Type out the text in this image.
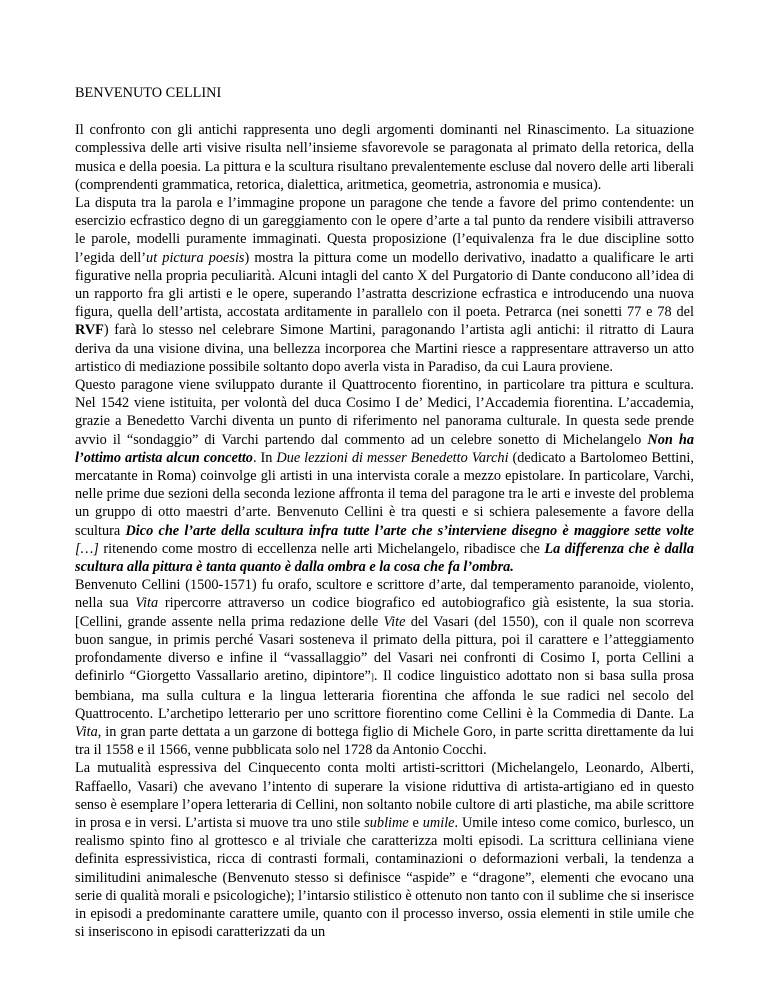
BENVENUTO CELLINI

Il confronto con gli antichi rappresenta uno degli argomenti dominanti nel Rinascimento. La situazione complessiva delle arti visive risulta nell’insieme sfavorevole se paragonata al primato della retorica, della musica e della poesia. La pittura e la scultura risultano prevalentemente escluse dal novero delle arti liberali (comprendenti grammatica, retorica, dialettica, aritmetica, geometria, astronomia e musica).

La disputa tra la parola e l’immagine propone un paragone che tende a favore del primo contendente: un esercizio ecfrastico degno di un gareggiamento con le opere d’arte a tal punto da rendere visibili attraverso le parole, modelli puramente immaginati. Questa proposizione (l’equivalenza fra le due discipline sotto l’egida dell’ut pictura poesis) mostra la pittura come un modello derivativo, inadatto a qualificare le arti figurative nella propria peculiarità. Alcuni intagli del canto X del Purgatorio di Dante conducono all’idea di un rapporto fra gli artisti e le opere, superando l’astratta descrizione ecfrastica e introducendo una nuova figura, quella dell’artista, accostata arditamente in parallelo con il poeta. Petrarca (nei sonetti 77 e 78 del RVF) farà lo stesso nel celebrare Simone Martini, paragonando l’artista agli antichi: il ritratto di Laura deriva da una visione divina, una bellezza incorporea che Martini riesce a rappresentare attraverso un atto artistico di mediazione possibile soltanto dopo averla vista in Paradiso, da cui Laura proviene.

Questo paragone viene sviluppato durante il Quattrocento fiorentino, in particolare tra pittura e scultura. Nel 1542 viene istituita, per volontà del duca Cosimo I de’ Medici, l’Accademia fiorentina. L’accademia, grazie a Benedetto Varchi diventa un punto di riferimento nel panorama culturale. In questa sede prende avvio il “sondaggio” di Varchi partendo dal commento ad un celebre sonetto di Michelangelo Non ha l’ottimo artista alcun concetto. In Due lezzioni di messer Benedetto Varchi (dedicato a Bartolomeo Bettini, mercatante in Roma) coinvolge gli artisti in una intervista corale a mezzo epistolare. In particolare, Varchi, nelle prime due sezioni della seconda lezione affronta il tema del paragone tra le arti e investe del problema un gruppo di otto maestri d’arte. Benvenuto Cellini è tra questi e si schiera palesemente a favore della scultura Dico che l’arte della scultura infra tutte l’arte che s’interviene disegno è maggiore sette volte […] ritenendo come mostro di eccellenza nelle arti Michelangelo, ribadisce che La differenza che è dalla scultura alla pittura è tanta quanto è dalla ombra e la cosa che fa l’ombra.

Benvenuto Cellini (1500-1571) fu orafo, scultore e scrittore d’arte, dal temperamento paranoide, violento, nella sua Vita ripercorre attraverso un codice biografico ed autobiografico già esistente, la sua storia. [Cellini, grande assente nella prima redazione delle Vite del Vasari (del 1550), con il quale non scorreva buon sangue, in primis perché Vasari sosteneva il primato della pittura, poi il carattere e l’atteggiamento profondamente diverso e infine il “vassallaggio” del Vasari nei confronti di Cosimo I, porta Cellini a definirlo “Giorgetto Vassallario aretino, dipintore”]. Il codice linguistico adottato non si basa sulla prosa bembiana, ma sulla cultura e la lingua letteraria fiorentina che affonda le sue radici nel secolo del Quattrocento. L’archetipo letterario per uno scrittore fiorentino come Cellini è la Commedia di Dante. La Vita, in gran parte dettata a un garzone di bottega figlio di Michele Goro, in parte scritta direttamente da lui tra il 1558 e il 1566, venne pubblicata solo nel 1728 da Antonio Cocchi.

La mutualità espressiva del Cinquecento conta molti artisti-scrittori (Michelangelo, Leonardo, Alberti, Raffaello, Vasari) che avevano l’intento di superare la visione riduttiva di artista-artigiano ed in questo senso è esemplare l’opera letteraria di Cellini, non soltanto nobile cultore di arti plastiche, ma abile scrittore in prosa e in versi. L’artista si muove tra uno stile sublime e umile. Umile inteso come comico, burlesco, un realismo spinto fino al grottesco e al triviale che caratterizza molti episodi. La scrittura celliniana viene definita espressivistica, ricca di contrasti formali, contaminazioni o deformazioni verbali, la tendenza a similitudini animalesche (Benvenuto stesso si definisce “aspide” e “dragone”, elementi che evocano una serie di qualità morali e psicologiche); l’intarsio stilistico è ottenuto non tanto con il sublime che si inserisce in episodi a predominante carattere umile, quanto con il processo inverso, ossia elementi in stile umile che si inseriscono in episodi caratterizzati da un
